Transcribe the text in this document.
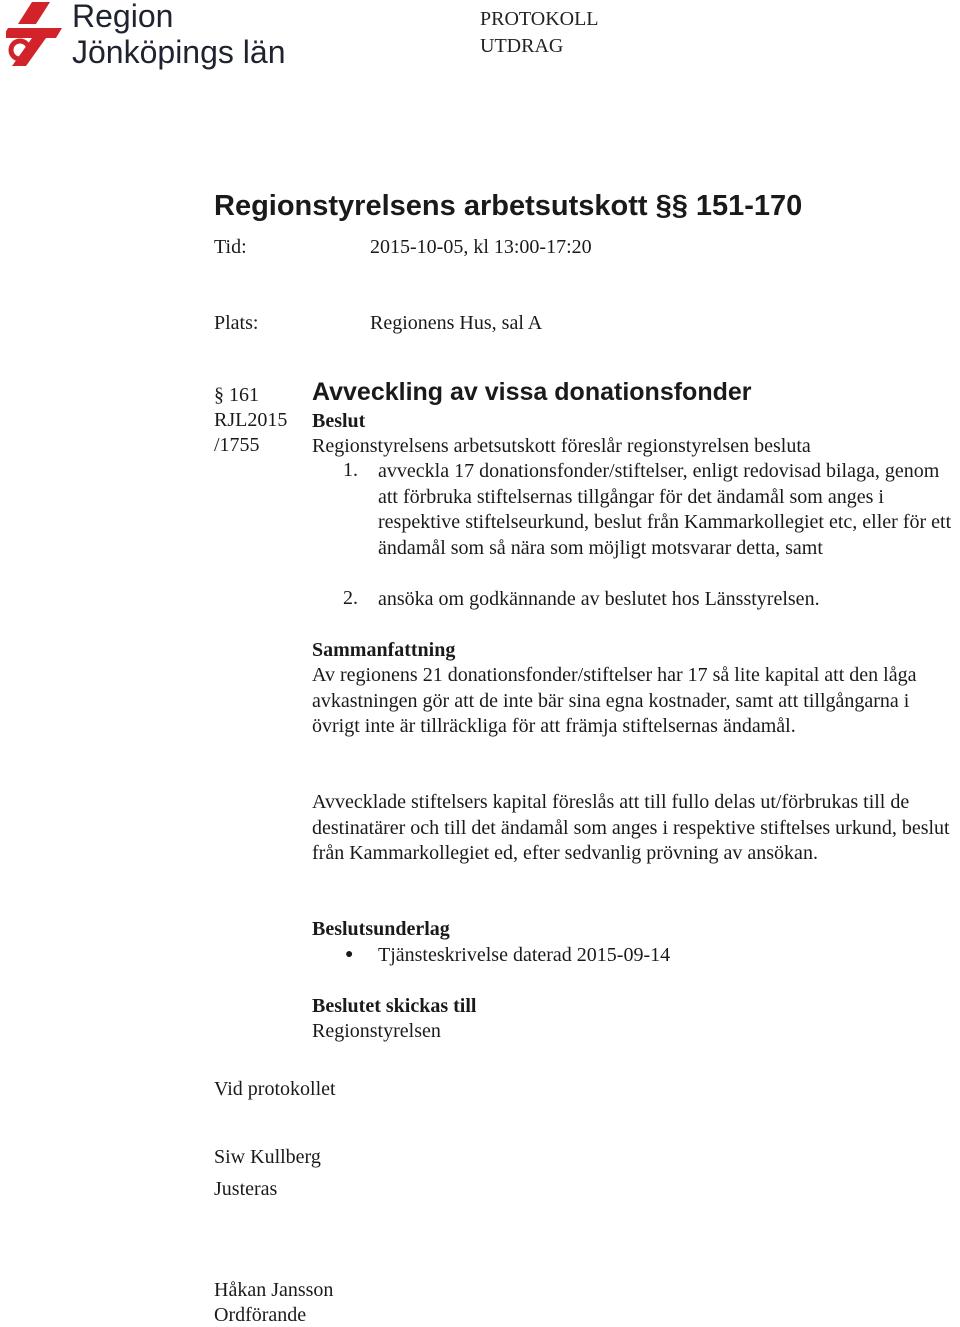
Region
Jönköpings län
PROTOKOLL
UTDRAG
Regionstyrelsens arbetsutskott §§ 151-170
Tid:	2015-10-05, kl 13:00-17:20
Plats:	Regionens Hus, sal A
§ 161
RJL2015
/1755
Avveckling av vissa donationsfonder
Beslut
Regionstyrelsens arbetsutskott föreslår regionstyrelsen besluta
1. avveckla 17 donationsfonder/stiftelser, enligt redovisad bilaga, genom att förbruka stiftelsernas tillgångar för det ändamål som anges i respektive stiftelseurkund, beslut från Kammarkollegiet etc, eller för ett ändamål som så nära som möjligt motsvarar detta, samt
2. ansöka om godkännande av beslutet hos Länsstyrelsen.
Sammanfattning
Av regionens 21 donationsfonder/stiftelser har 17 så lite kapital att den låga avkastningen gör att de inte bär sina egna kostnader, samt att tillgångarna i övrigt inte är tillräckliga för att främja stiftelsernas ändamål.
Avvecklade stiftelsers kapital föreslås att till fullo delas ut/förbrukas till de destinatärer och till det ändamål som anges i respektive stiftelses urkund, beslut från Kammarkollegiet ed, efter sedvanlig prövning av ansökan.
Beslutsunderlag
● Tjänsteskrivelse daterad 2015-09-14
Beslutet skickas till
Regionstyrelsen
Vid protokollet
Siw Kullberg
Justeras
Håkan Jansson
Ordförande
